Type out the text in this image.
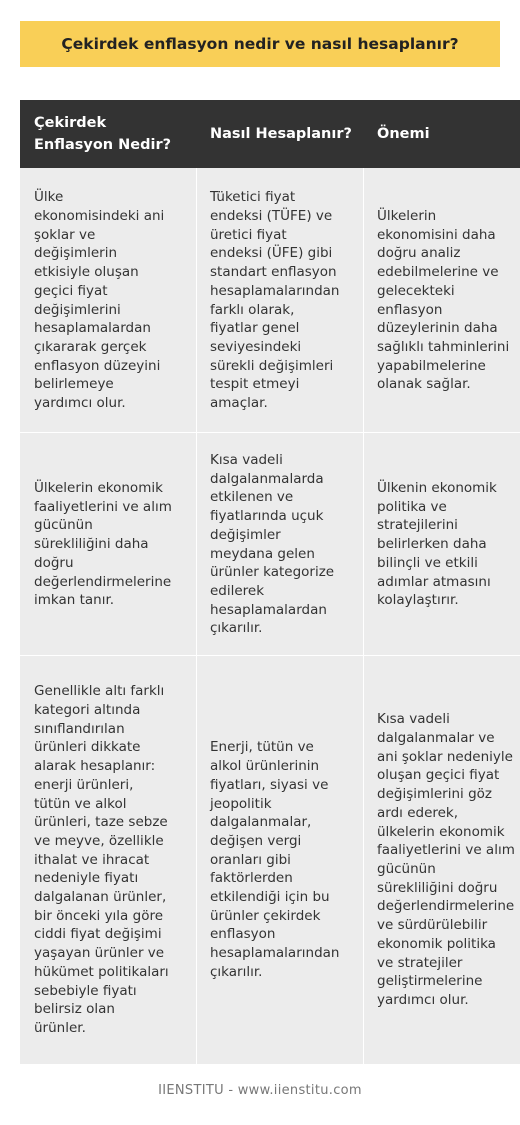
Çekirdek enflasyon nedir ve nasıl hesaplanır?
Çekirdek
Enflasyon Nedir?
Nasıl Hesaplanır? Önemi
Ülke
ekonomisindeki ani
şoklar ve
değişimlerin
etkisiyle oluşan
geçici fiyat
değişimlerini
hesaplamalardan
çıkararak gerçek
enflasyon düzeyini
belirlemeye
yardımcı olur.
Tüketici fiyat
endeksi (TÜFE) ve
üretici fiyat
endeksi (ÜFE) gibi
standart enflasyon
hesaplamalarından
farklı olarak,
fiyatlar genel
seviyesindeki
sürekli değişimleri
tespit etmeyi
amaçlar.
Ülkelerin
ekonomisini daha
doğru analiz
edebilmelerine ve
gelecekteki
enflasyon
düzeylerinin daha
sağlıklı tahminlerini
yapabilmelerine
olanak sağlar.
Ülkelerin ekonomik
faaliyetlerini ve alım
gücünün
sürekliliğini daha
doğru
değerlendirmelerine
imkan tanır.
Kısa vadeli
dalgalanmalarda
etkilenen ve
fiyatlarında uçuk
değişimler
meydana gelen
ürünler kategorize
edilerek
hesaplamalardan
çıkarılır.
Ülkenin ekonomik
politika ve
stratejilerini
belirlerken daha
bilinçli ve etkili
adımlar atmasını
kolaylaştırır.
Genellikle altı farklı
kategori altında
sınıflandırılan
ürünleri dikkate
alarak hesaplanır:
enerji ürünleri,
tütün ve alkol
ürünleri, taze sebze
ve meyve, özellikle
ithalat ve ihracat
nedeniyle fiyatı
dalgalanan ürünler,
bir önceki yıla göre
ciddi fiyat değişimi
yaşayan ürünler ve
hükümet politikaları
sebebiyle fiyatı
belirsiz olan
ürünler.
Enerji, tütün ve
alkol ürünlerinin
fiyatları, siyasi ve
jeopolitik
dalgalanmalar,
değişen vergi
oranları gibi
faktörlerden
etkilendiği için bu
ürünler çekirdek
enflasyon
hesaplamalarından
çıkarılır.
Kısa vadeli
dalgalanmalar ve
ani şoklar nedeniyle
oluşan geçici fiyat
değişimlerini göz
ardı ederek,
ülkelerin ekonomik
faaliyetlerini ve alım
gücünün
sürekliliğini doğru
değerlendirmelerine
ve sürdürülebilir
ekonomik politika
ve stratejiler
geliştirmelerine
yardımcı olur.
IIENSTITU - www.iienstitu.com
